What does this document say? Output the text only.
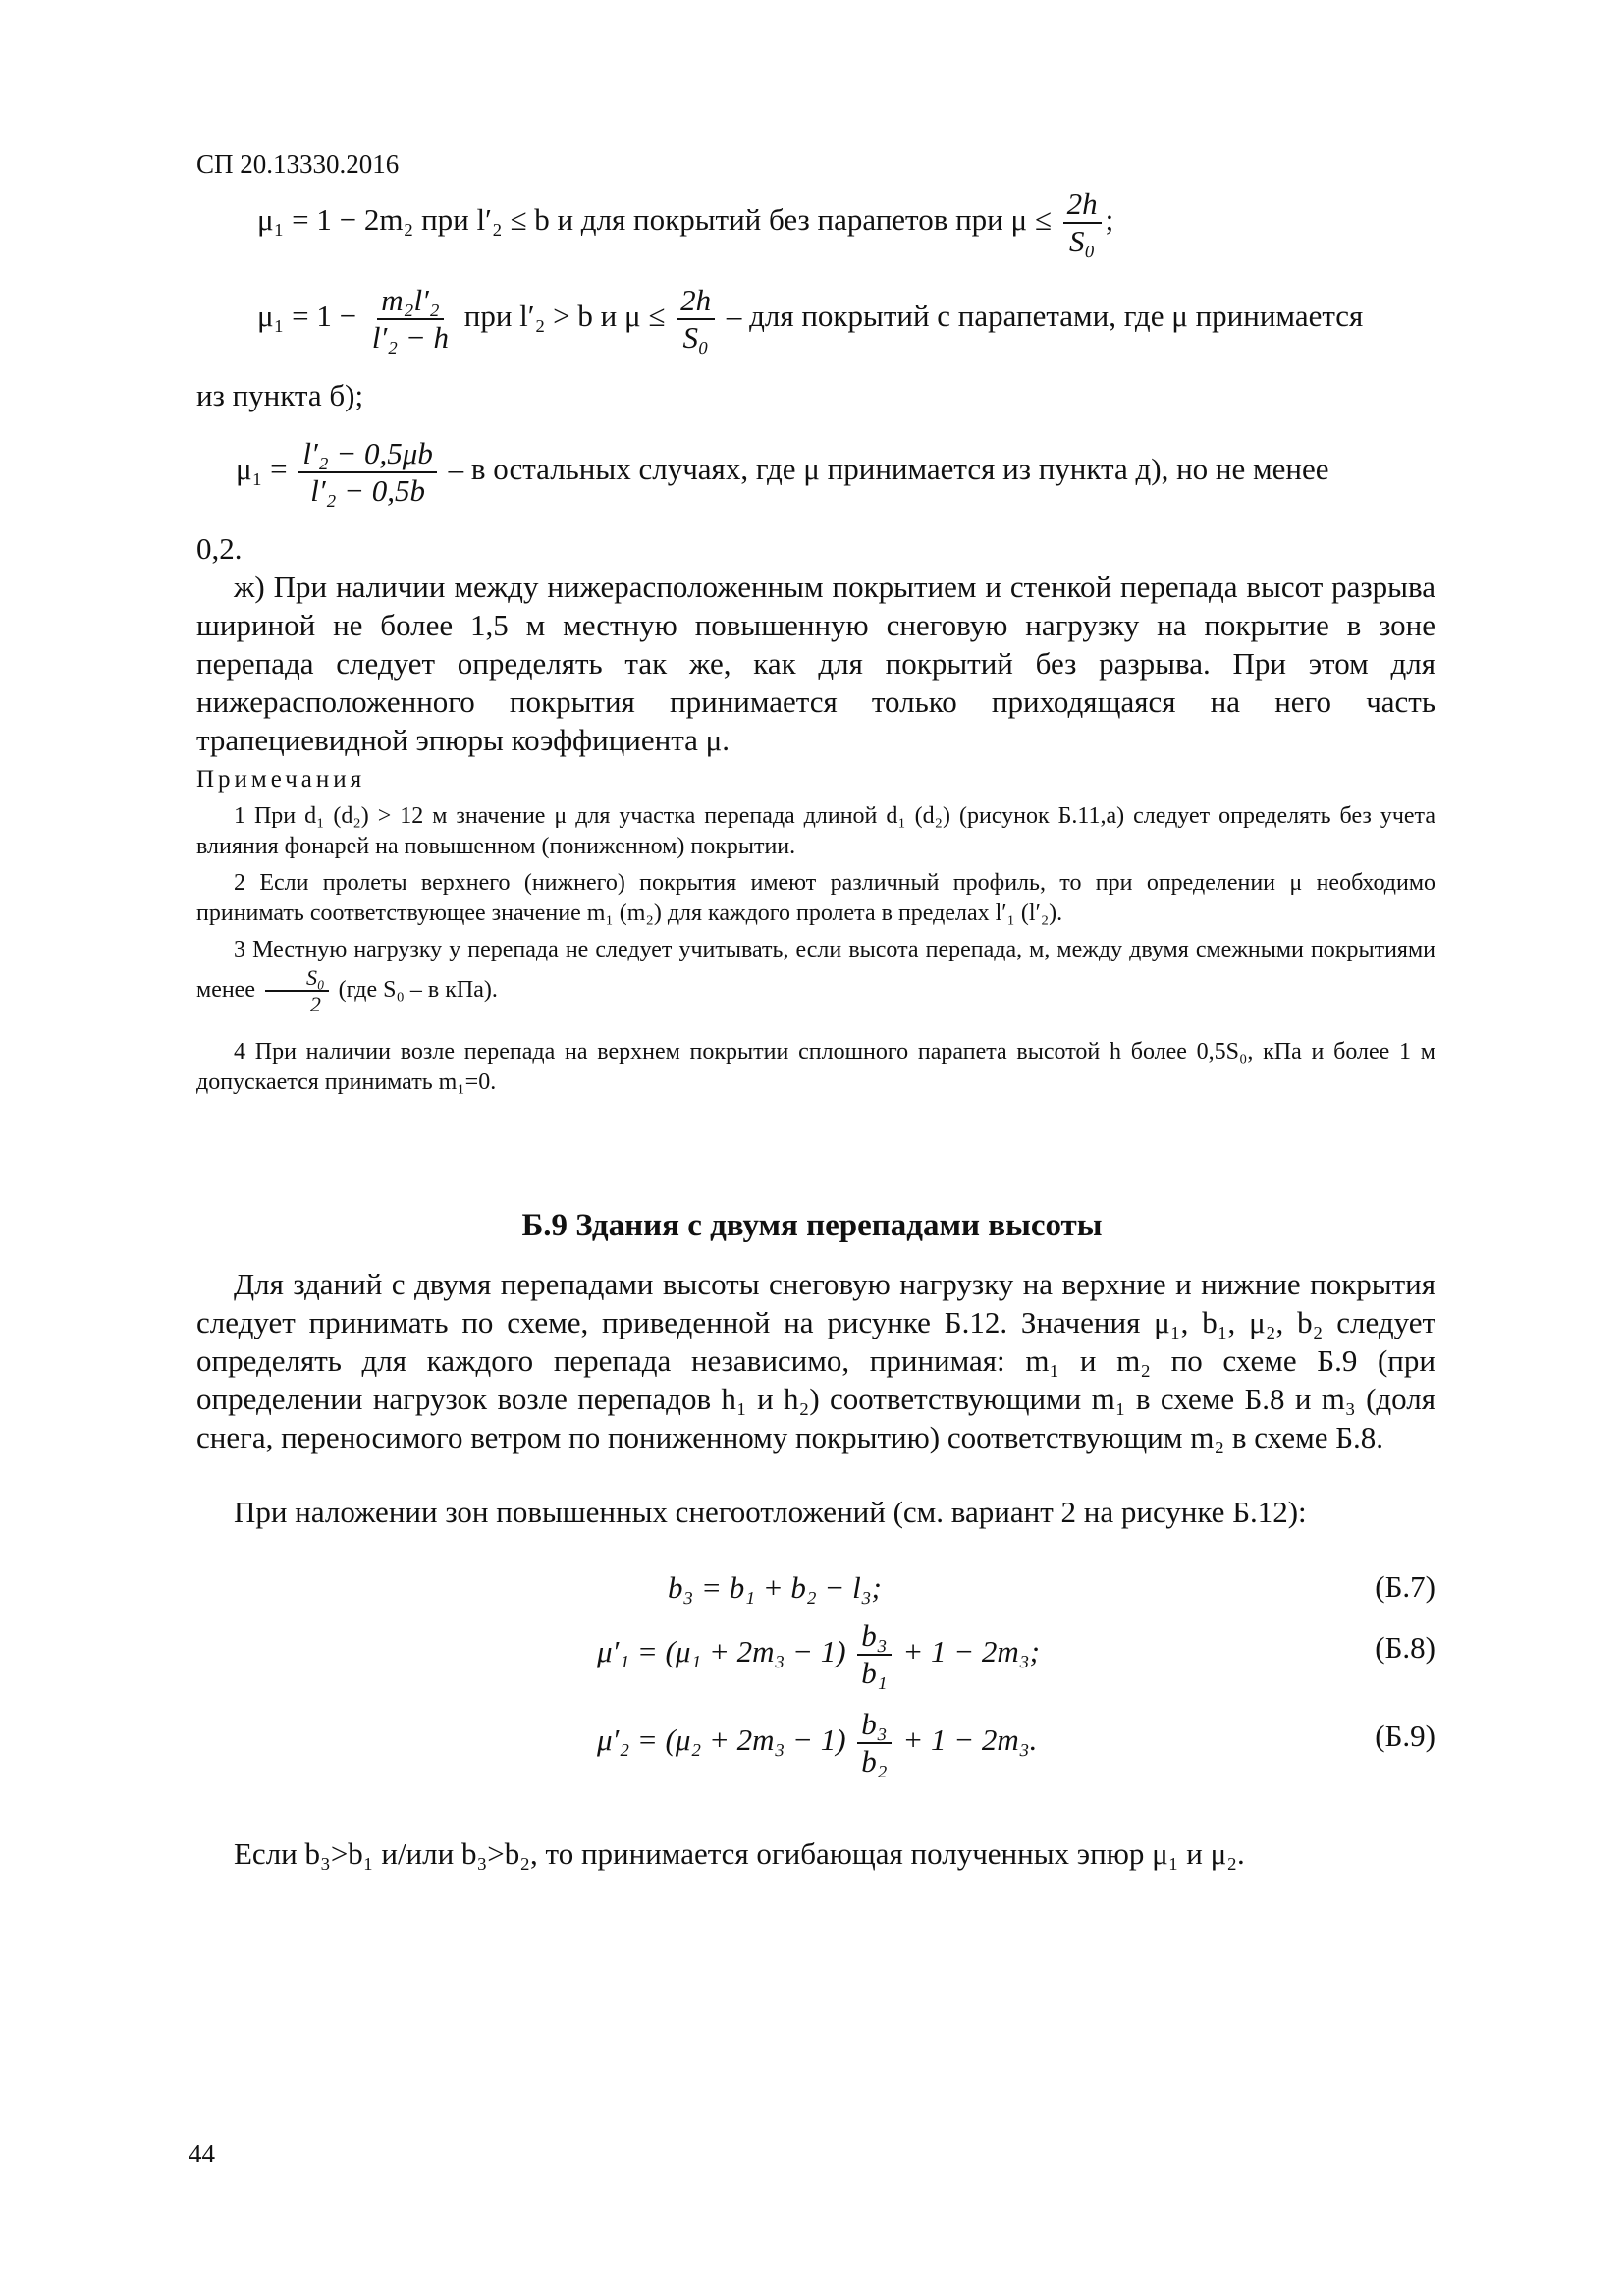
СП 20.13330.2016
μ₁ = 1 − 2m₂ при l′₂ ≤ b и для покрытий без парапетов при $\mu \le \frac{2h}{\text{S₀}}$ ;
$\mu_1 = 1 - \frac{\text{m₂l′₂}}{\text{l′₂ − h}}$ при l′₂ > b и $\mu \le \frac{2h}{\text{S₀}}$ – для покрытий с парапетами, где μ принимается
из пункта б);
$\mu_1 = \frac{\text{l′₂ − 0,5μb}}{\text{l′₂ − 0,5b}} - в$ остальных случаях, где μ принимается из пункта д), но не менее
0,2.
ж) При наличии между нижерасположенным покрытием и стенкой перепада высот разрыва шириной не более 1,5 м местную повышенную снеговую нагрузку на покрытие в зоне перепада следует определять так же, как для покрытий без разрыва. При этом для нижерасположенного покрытия принимается только приходящаяся на него часть трапециевидной эпюры коэффициента μ.
Примечания
1 При d₁ (d₂) > 12 м значение μ для участка перепада длиной d₁ (d₂) (рисунок Б.11,а) следует определять без учета влияния фонарей на повышенном (пониженном) покрытии.
2 Если пролеты верхнего (нижнего) покрытия имеют различный профиль, то при определении μ необходимо принимать соответствующее значение m₁ (m₂) для каждого пролета в пределах l′₁ (l′₂).
3 Местную нагрузку у перепада не следует учитывать, если высота перепада, м, между двумя смежными покрытиями менее $\frac{\text{S₀}}{2} (где$ S₀ – в кПа).
4 При наличии возле перепада на верхнем покрытии сплошного парапета высотой h более 0,5S₀, кПа и более 1 м допускается принимать m₁=0.
Б.9 Здания с двумя перепадами высоты
Для зданий с двумя перепадами высоты снеговую нагрузку на верхние и нижние покрытия следует принимать по схеме, приведенной на рисунке Б.12. Значения μ₁, b₁, μ₂, b₂ следует определять для каждого перепада независимо, принимая: m₁ и m₂ по схеме Б.9 (при определении нагрузок возле перепадов h₁ и h₂) соответствующими m₁ в схеме Б.8 и m₃ (доля снега, переносимого ветром по пониженному покрытию) соответствующим m₂ в схеме Б.8.
При наложении зон повышенных снегоотложений (см. вариант 2 на рисунке Б.12):
b₃ = b₁ + b₂ − l₃;	(Б.7)
$\mu'_1 = (\mu_1 + 2m_3 - 1) \frac{\text{b₃}}{\text{b₁}} + 1 - 2m_3$;	(Б.8)
$\mu'_2 = (\mu_2 + 2m_3 - 1) \frac{\text{b₃}}{\text{b₂}} + 1 - 2m_3$.	(Б.9)
Если b₃>b₁ и/или b₃>b₂, то принимается огибающая полученных эпюр μ₁ и μ₂.
44
